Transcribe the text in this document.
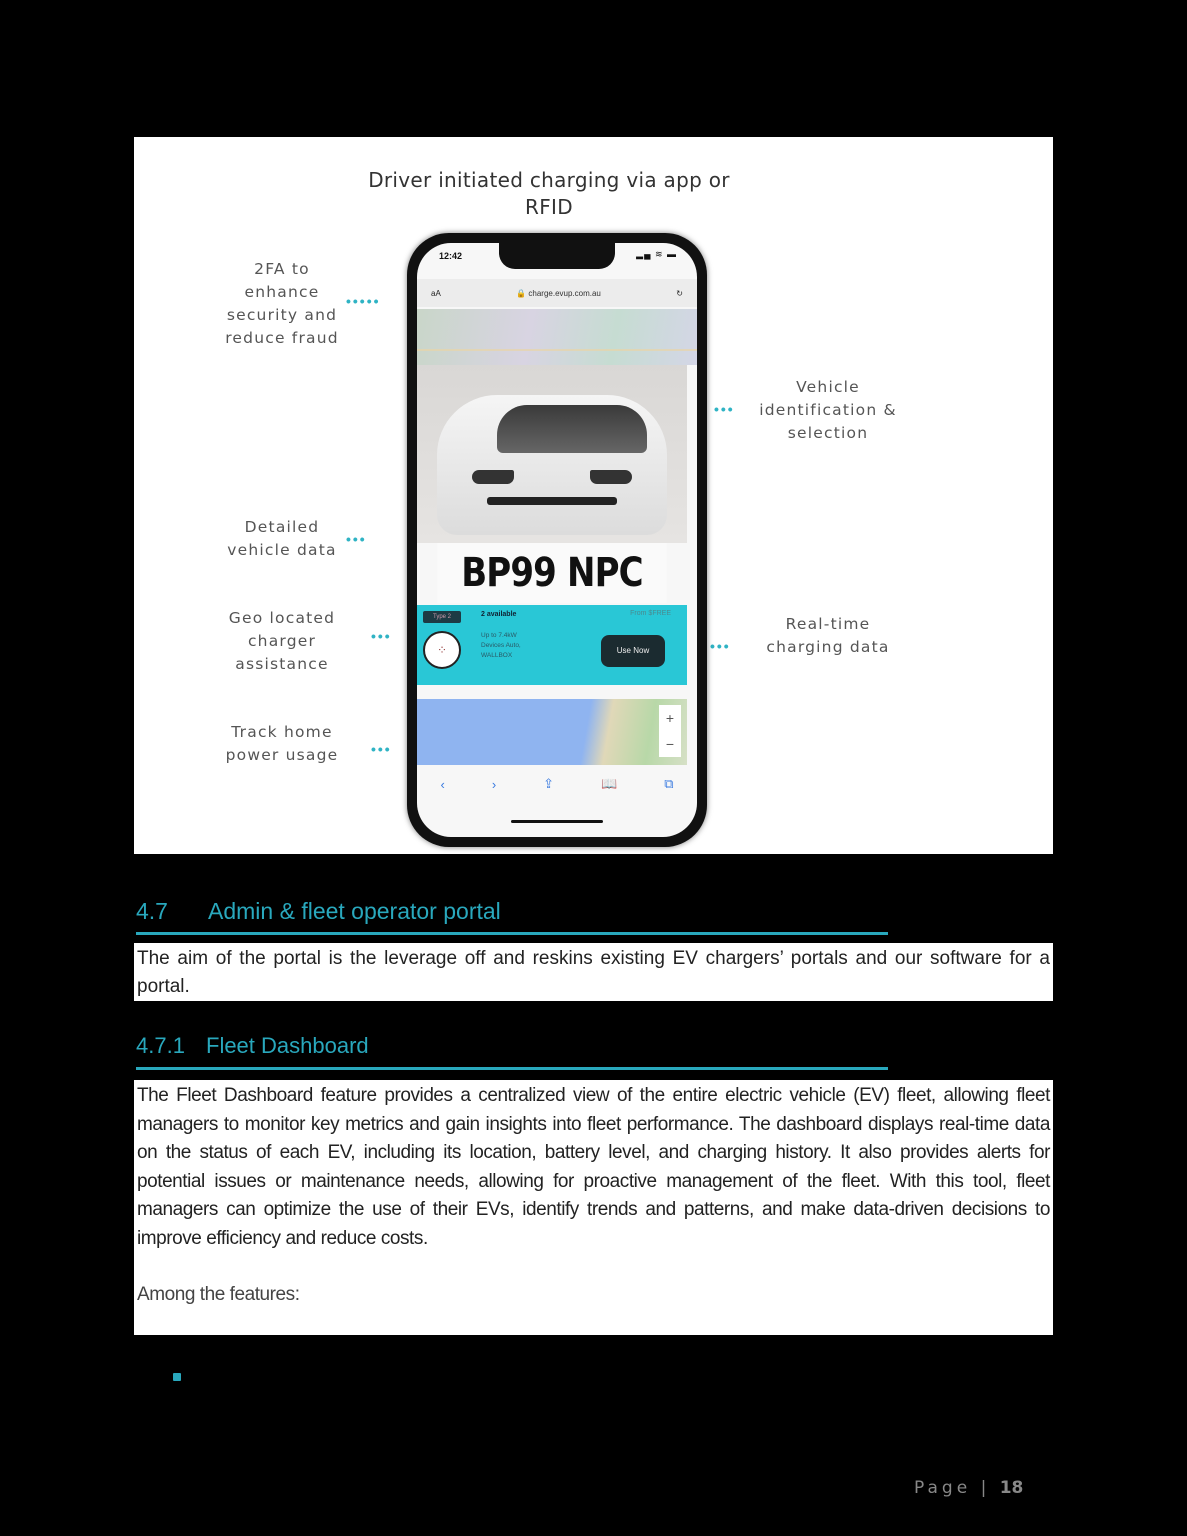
Driver initiated charging via app or RFID
2FA to enhance security and reduce fraud
•••••
Detailed vehicle data
•••
Geo located charger assistance
•••
Track home power usage •••
Vehicle identification & selection
•••
Real-time charging data
•••
12:42	▂▄ ≋ ▬
aA	🔒 charge.evup.com.au	↻
BP99 NPC
Type 2	2 available	From $FREE
⁘
Up to 7.4kW
Devices Auto,
WALLBOX
Use Now
+
−
‹	›	⇪	📖	⧉
4.7 Admin & fleet operator portal
The aim of the portal is the leverage off and reskins existing EV chargers’ portals and our software for a portal.
4.7.1 Fleet Dashboard
The Fleet Dashboard feature provides a centralized view of the entire electric vehicle (EV) fleet, allowing fleet managers to monitor key metrics and gain insights into fleet performance. The dashboard displays real-time data on the status of each EV, including its location, battery level, and charging history. It also provides alerts for potential issues or maintenance needs, allowing for proactive management of the fleet. With this tool, fleet managers can optimize the use of their EVs, identify trends and patterns, and make data-driven decisions to improve efficiency and reduce costs.
Among the features:
Page | 18
